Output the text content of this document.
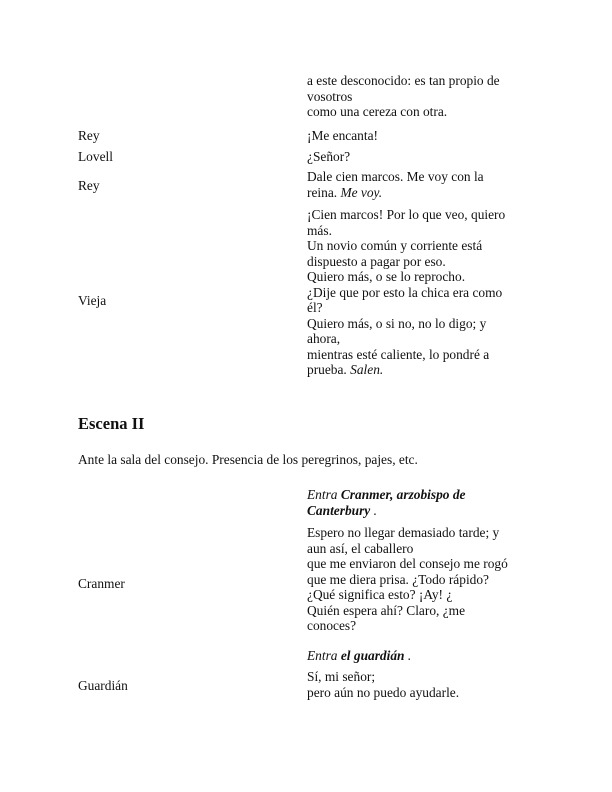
a este desconocido: es tan propio de
vosotros
como una cereza con otra.
Rey	¡Me encanta!
Lovell	¿Señor?
Rey
Dale cien marcos. Me voy con la
reina. Me voy.
Vieja
¡Cien marcos! Por lo que veo, quiero
más.
Un novio común y corriente está
dispuesto a pagar por eso.
Quiero más, o se lo reprocho.
¿Dije que por esto la chica era como
él?
Quiero más, o si no, no lo digo; y
ahora,
mientras esté caliente, lo pondré a
prueba. Salen.
Escena II
Ante la sala del consejo. Presencia de los peregrinos, pajes, etc.
Entra Cranmer, arzobispo de
Canterbury .
Cranmer
Espero no llegar demasiado tarde; y
aun así, el caballero
que me enviaron del consejo me rogó
que me diera prisa. ¿Todo rápido?
¿Qué significa esto? ¡Ay! ¿
Quién espera ahí? Claro, ¿me
conoces?
Entra el guardián .
Guardián
Sí, mi señor;
pero aún no puedo ayudarle.
